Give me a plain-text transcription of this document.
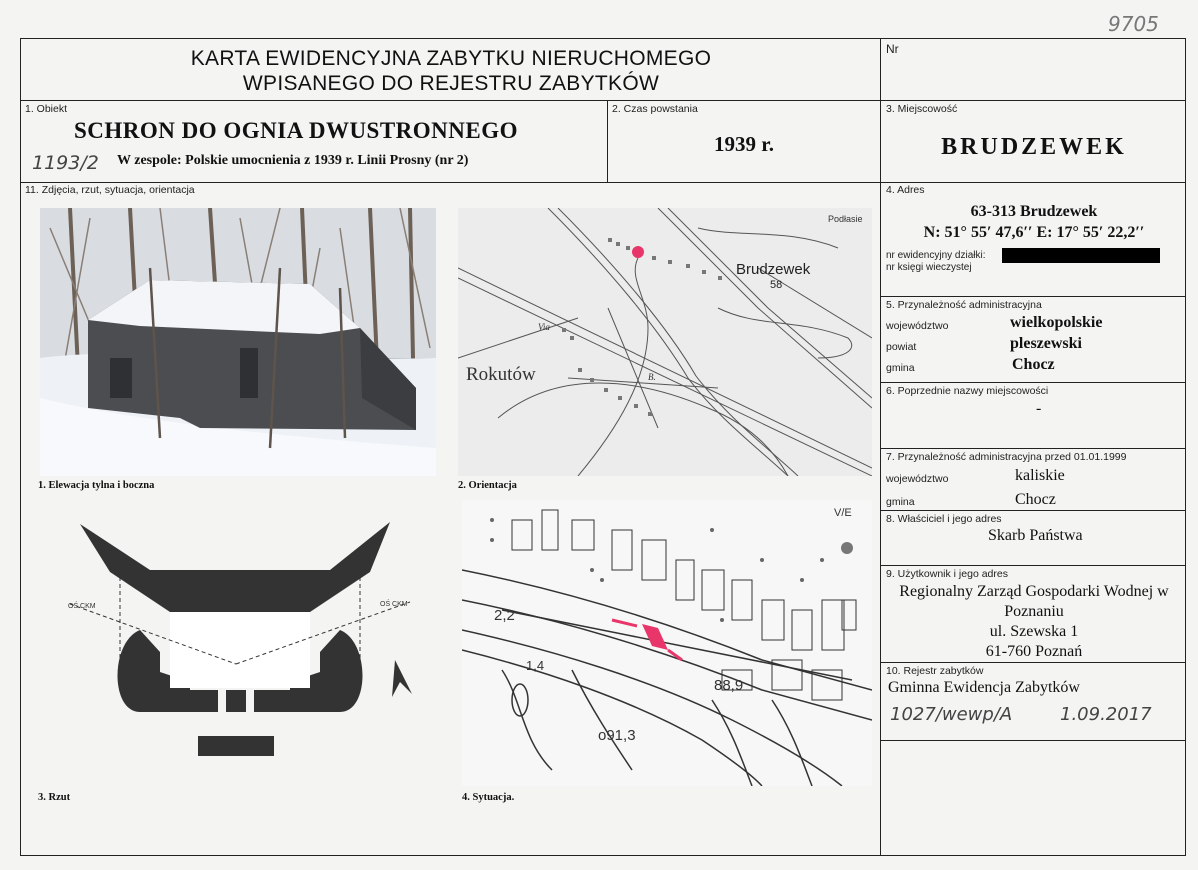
9705
KARTA EWIDENCYJNA ZABYTKU NIERUCHOMEGO
WPISANEGO DO REJESTRU ZABYTKÓW
Nr
1. Obiekt
SCHRON DO OGNIA DWUSTRONNEGO
1193/2 W zespole: Polskie umocnienia z 1939 r. Linii Prosny (nr 2)
2. Czas powstania
1939 r.
3. Miejscowość
BRUDZEWEK
4. Adres
63-313 Brudzewek
N: 51° 55′ 47,6′′ E: 17° 55′ 22,2′′
nr ewidencyjny działki:
nr księgi wieczystej
5. Przynależność administracyjna
województwo	wielkopolskie
powiat	pleszewski
gmina	Chocz
6. Poprzednie nazwy miejscowości
-
7. Przynależność administracyjna przed 01.01.1999
województwo	kaliskie
gmina	Chocz
8. Właściciel i jego adres
Skarb Państwa
9. Użytkownik i jego adres
Regionalny Zarząd Gospodarki Wodnej w
Poznaniu
ul. Szewska 1
61-760 Poznań
10. Rejestr zabytków
Gminna Ewidencja Zabytków
1027/wewp/A	1.09.2017
11. Zdjęcia, rzut, sytuacja, orientacja
1. Elewacja tylna i boczna
Brudzewek
58
Rokutów
Podłasie
Via
B.
2. Orientacja
OŚ CKM	OŚ CKM
3. Rzut
2,2
1,4
88,9
o91,3
V/E
4. Sytuacja.
